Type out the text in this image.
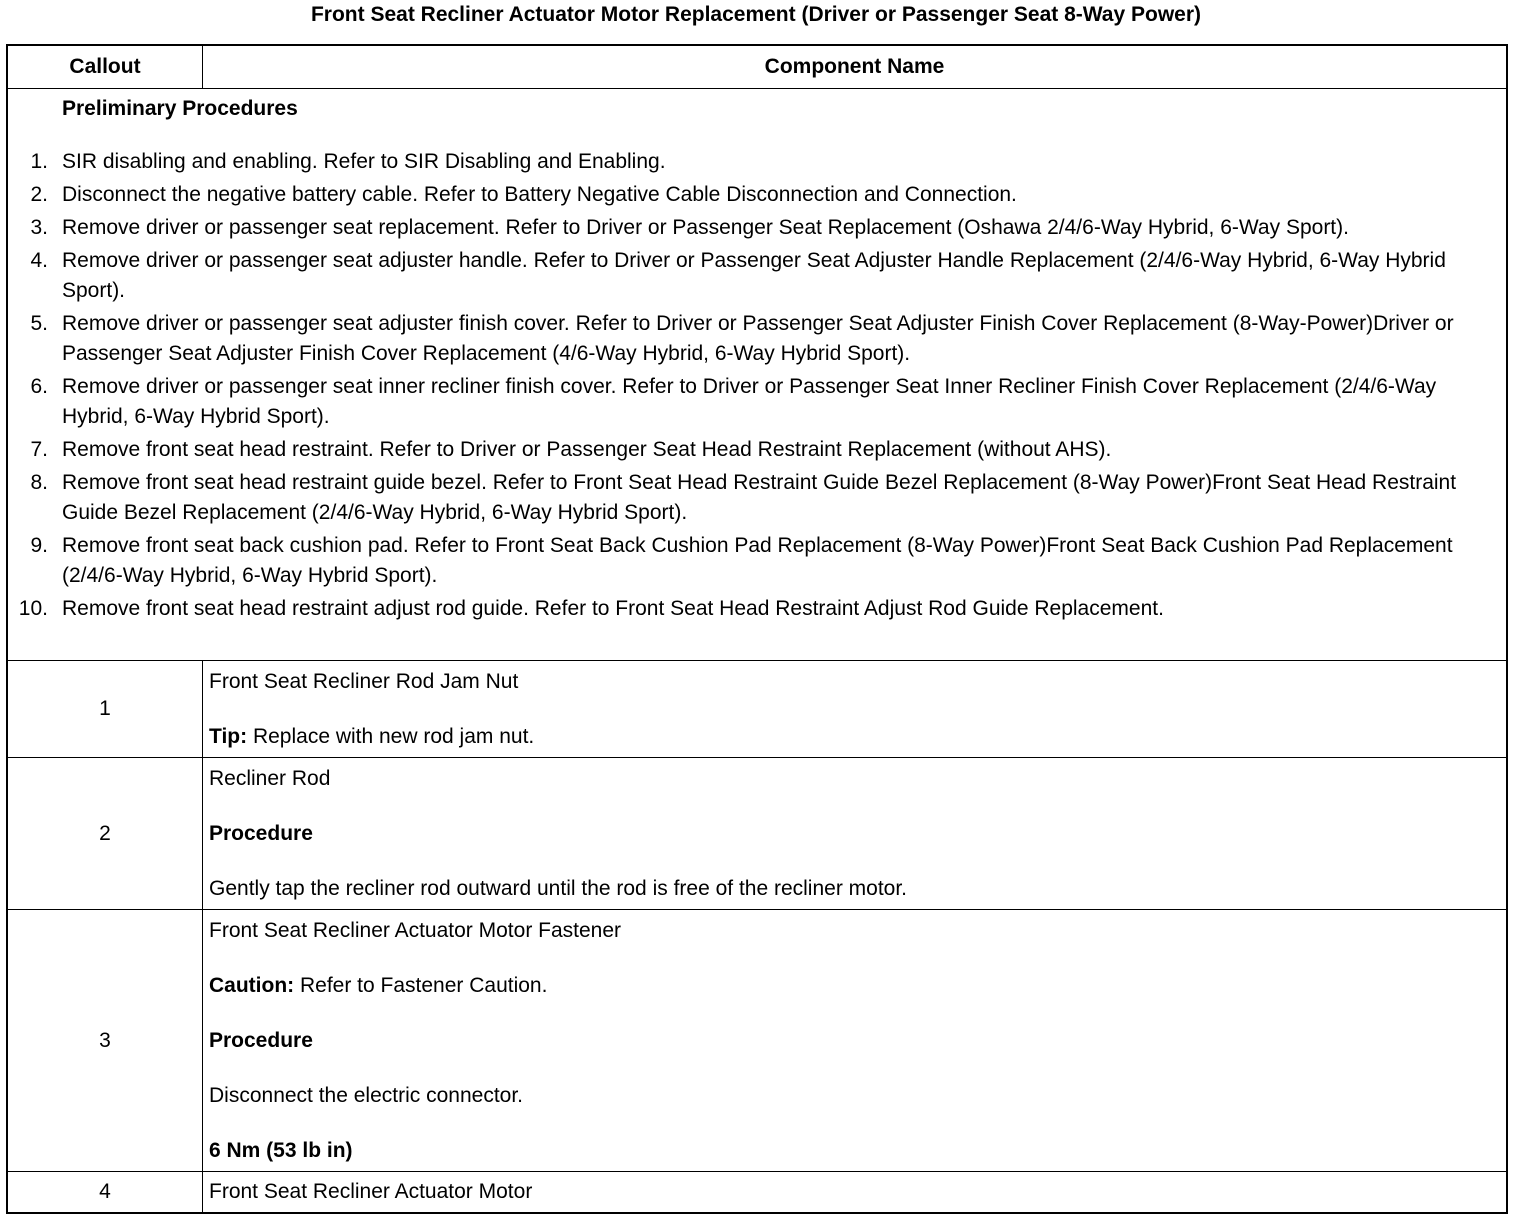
Front Seat Recliner Actuator Motor Replacement (Driver or Passenger Seat 8-Way Power)
Callout	Component Name
Preliminary Procedures
1. SIR disabling and enabling. Refer to SIR Disabling and Enabling.
2. Disconnect the negative battery cable. Refer to Battery Negative Cable Disconnection and Connection.
3. Remove driver or passenger seat replacement. Refer to Driver or Passenger Seat Replacement (Oshawa 2/4/6-Way Hybrid, 6-Way Sport).
4. Remove driver or passenger seat adjuster handle. Refer to Driver or Passenger Seat Adjuster Handle Replacement (2/4/6-Way Hybrid, 6-Way Hybrid Sport).
5. Remove driver or passenger seat adjuster finish cover. Refer to Driver or Passenger Seat Adjuster Finish Cover Replacement (8-Way-Power)Driver or Passenger Seat Adjuster Finish Cover Replacement (4/6-Way Hybrid, 6-Way Hybrid Sport).
6. Remove driver or passenger seat inner recliner finish cover. Refer to Driver or Passenger Seat Inner Recliner Finish Cover Replacement (2/4/6-Way Hybrid, 6-Way Hybrid Sport).
7. Remove front seat head restraint. Refer to Driver or Passenger Seat Head Restraint Replacement (without AHS).
8. Remove front seat head restraint guide bezel. Refer to Front Seat Head Restraint Guide Bezel Replacement (8-Way Power)Front Seat Head Restraint Guide Bezel Replacement (2/4/6-Way Hybrid, 6-Way Hybrid Sport).
9. Remove front seat back cushion pad. Refer to Front Seat Back Cushion Pad Replacement (8-Way Power)Front Seat Back Cushion Pad Replacement (2/4/6-Way Hybrid, 6-Way Hybrid Sport).
10. Remove front seat head restraint adjust rod guide. Refer to Front Seat Head Restraint Adjust Rod Guide Replacement.
1

Front Seat Recliner Rod Jam Nut

Tip: Replace with new rod jam nut.

2

Recliner Rod

Procedure

Gently tap the recliner rod outward until the rod is free of the recliner motor.

3

Front Seat Recliner Actuator Motor Fastener

Caution: Refer to Fastener Caution.

Procedure

Disconnect the electric connector.

6 Nm (53 lb in)

4	Front Seat Recliner Actuator Motor
